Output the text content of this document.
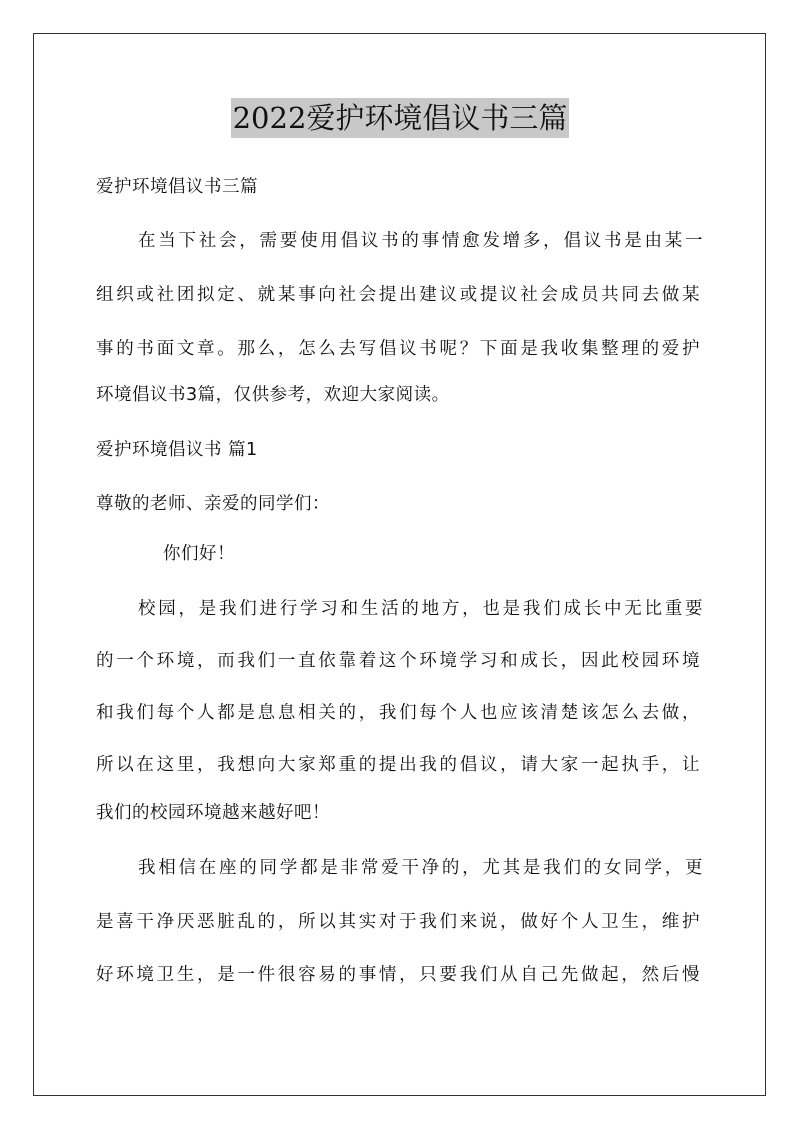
2022爱护环境倡议书三篇
爱护环境倡议书三篇
在当下社会，需要使用倡议书的事情愈发增多，倡议书是由某一
组织或社团拟定、就某事向社会提出建议或提议社会成员共同去做某
事的书面文章。那么，怎么去写倡议书呢？下面是我收集整理的爱护
环境倡议书3篇，仅供参考，欢迎大家阅读。
爱护环境倡议书 篇1
尊敬的老师、亲爱的同学们：
你们好！
校园，是我们进行学习和生活的地方，也是我们成长中无比重要
的一个环境，而我们一直依靠着这个环境学习和成长，因此校园环境
和我们每个人都是息息相关的，我们每个人也应该清楚该怎么去做，
所以在这里，我想向大家郑重的提出我的倡议，请大家一起执手，让
我们的校园环境越来越好吧！
我相信在座的同学都是非常爱干净的，尤其是我们的女同学，更
是喜干净厌恶脏乱的，所以其实对于我们来说，做好个人卫生，维护
好环境卫生，是一件很容易的事情，只要我们从自己先做起，然后慢
